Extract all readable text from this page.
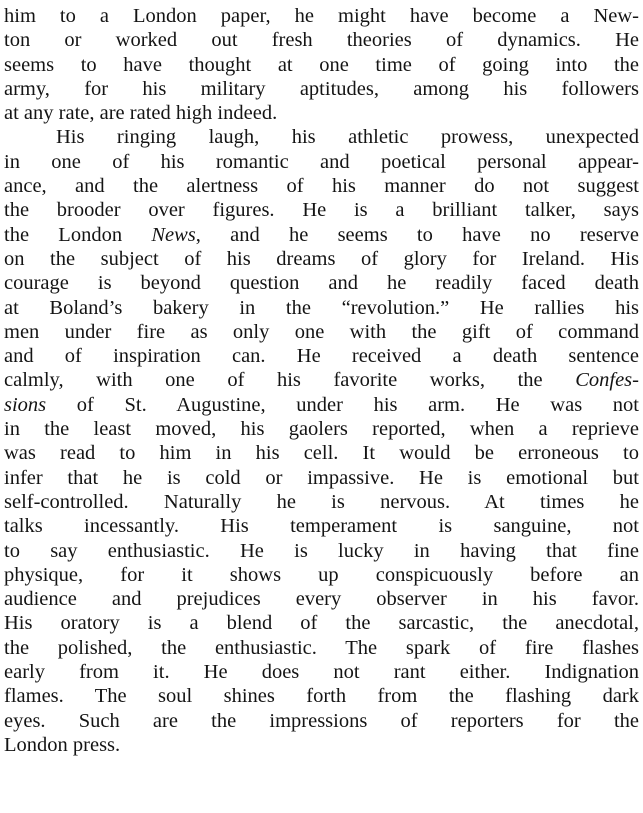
him to a London paper, he might have become a New-
ton or worked out fresh theories of dynamics. He
seems to have thought at one time of going into the
army, for his military aptitudes, among his followers
at any rate, are rated high indeed.

His ringing laugh, his athletic prowess, unexpected
in one of his romantic and poetical personal appear-
ance, and the alertness of his manner do not suggest
the brooder over figures. He is a brilliant talker, says
the London News, and he seems to have no reserve
on the subject of his dreams of glory for Ireland. His
courage is beyond question and he readily faced death
at Boland’s bakery in the “revolution.” He rallies his
men under fire as only one with the gift of command
and of inspiration can. He received a death sentence
calmly, with one of his favorite works, the Confes-
sions of St. Augustine, under his arm. He was not
in the least moved, his gaolers reported, when a reprieve
was read to him in his cell. It would be erroneous to
infer that he is cold or impassive. He is emotional but
self-controlled. Naturally he is nervous. At times he
talks incessantly. His temperament is sanguine, not
to say enthusiastic. He is lucky in having that fine
physique, for it shows up conspicuously before an
audience and prejudices every observer in his favor.
His oratory is a blend of the sarcastic, the anecdotal,
the polished, the enthusiastic. The spark of fire flashes
early from it. He does not rant either. Indignation
flames. The soul shines forth from the flashing dark
eyes. Such are the impressions of reporters for the
London press.
